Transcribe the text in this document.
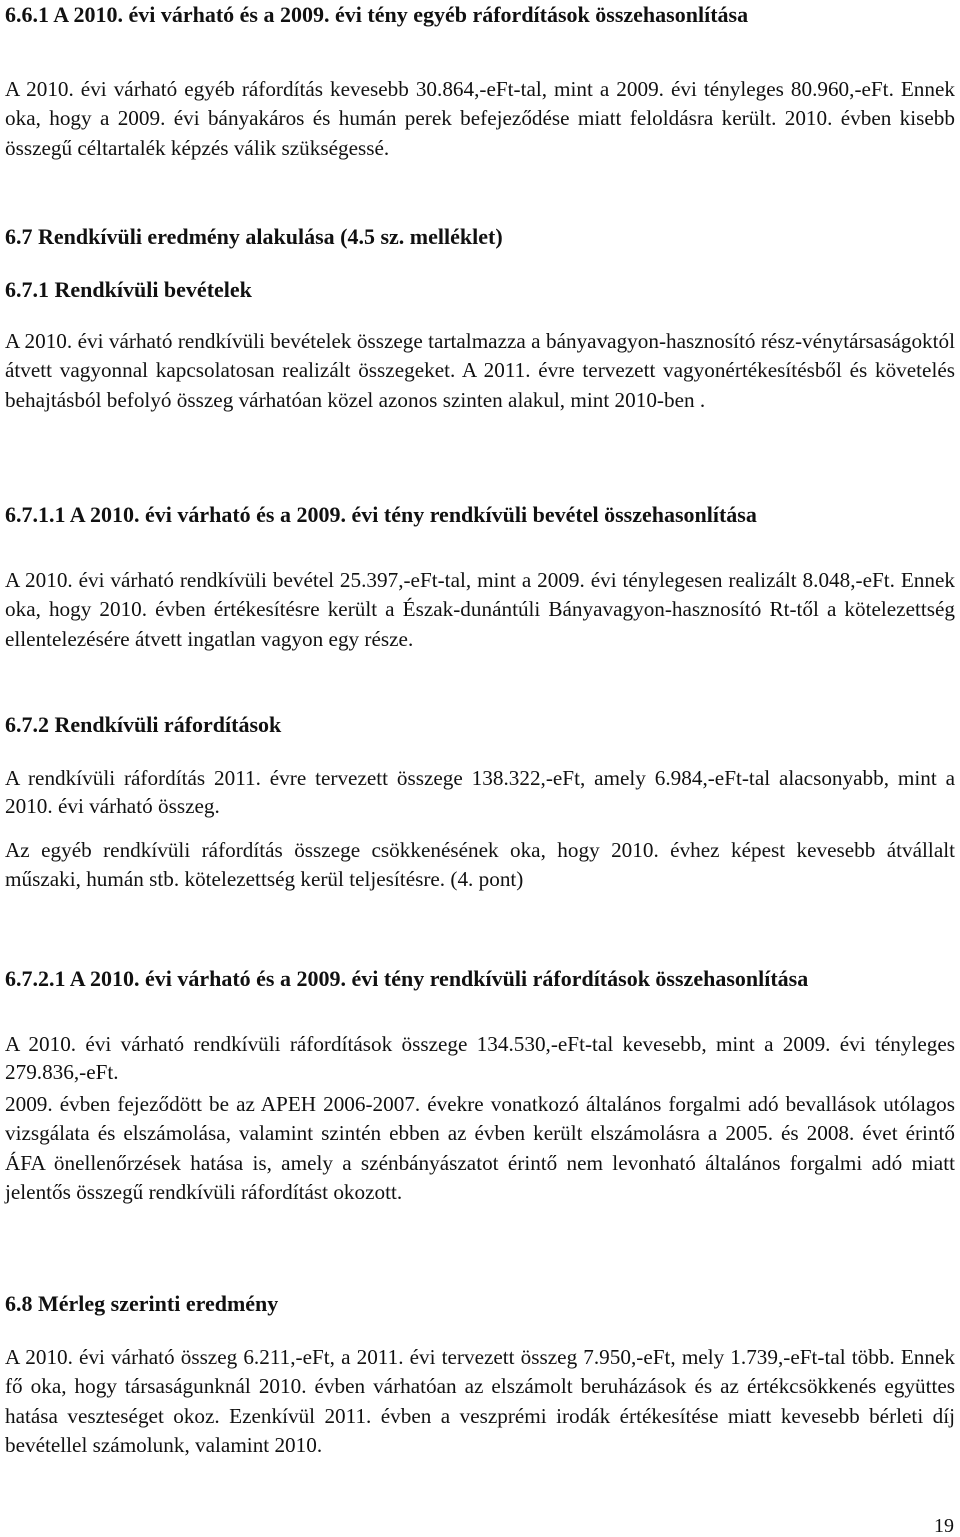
6.6.1 A 2010. évi várható és a 2009. évi tény egyéb ráfordítások összehasonlítása

A 2010. évi várható egyéb ráfordítás kevesebb 30.864,-eFt-tal, mint a 2009. évi tényleges 80.960,-eFt. Ennek oka, hogy a 2009. évi bányakáros és humán perek befejeződése miatt feloldásra került. 2010. évben kisebb összegű céltartalék képzés válik szükségessé.

6.7 Rendkívüli eredmény alakulása (4.5 sz. melléklet)
6.7.1 Rendkívüli bevételek

A 2010. évi várható rendkívüli bevételek összege tartalmazza a bányavagyon-hasznosító rész-vénytársaságoktól átvett vagyonnal kapcsolatosan realizált összegeket. A 2011. évre tervezett vagyonértékesítésből és követelés behajtásból befolyó összeg várhatóan közel azonos szinten alakul, mint 2010-ben .

6.7.1.1 A 2010. évi várható és a 2009. évi tény rendkívüli bevétel összehasonlítása

A 2010. évi várható rendkívüli bevétel 25.397,-eFt-tal, mint a 2009. évi ténylegesen realizált 8.048,-eFt. Ennek oka, hogy 2010. évben értékesítésre került a Észak-dunántúli Bányavagyon-hasznosító Rt-től a kötelezettség ellentelezésére átvett ingatlan vagyon egy része.

6.7.2 Rendkívüli ráfordítások

A rendkívüli ráfordítás 2011. évre tervezett összege 138.322,-eFt, amely 6.984,-eFt-tal alacsonyabb, mint a 2010. évi várható összeg.

Az egyéb rendkívüli ráfordítás összege csökkenésének oka, hogy 2010. évhez képest kevesebb átvállalt műszaki, humán stb. kötelezettség kerül teljesítésre. (4. pont)

6.7.2.1 A 2010. évi várható és a 2009. évi tény rendkívüli ráfordítások összehasonlítása

A 2010. évi várható rendkívüli ráfordítások összege 134.530,-eFt-tal kevesebb, mint a 2009. évi tényleges 279.836,-eFt.

2009. évben fejeződött be az APEH 2006-2007. évekre vonatkozó általános forgalmi adó bevallások utólagos vizsgálata és elszámolása, valamint szintén ebben az évben került elszámolásra a 2005. és 2008. évet érintő ÁFA önellenőrzések hatása is, amely a szénbányászatot érintő nem levonható általános forgalmi adó miatt jelentős összegű rendkívüli ráfordítást okozott.

6.8 Mérleg szerinti eredmény

A 2010. évi várható összeg 6.211,-eFt, a 2011. évi tervezett összeg 7.950,-eFt, mely 1.739,-eFt-tal több. Ennek fő oka, hogy társaságunknál 2010. évben várhatóan az elszámolt beruházások és az értékcsökkenés együttes hatása veszteséget okoz. Ezenkívül 2011. évben a veszprémi irodák értékesítése miatt kevesebb bérleti díj bevétellel számolunk, valamint 2010.

19
